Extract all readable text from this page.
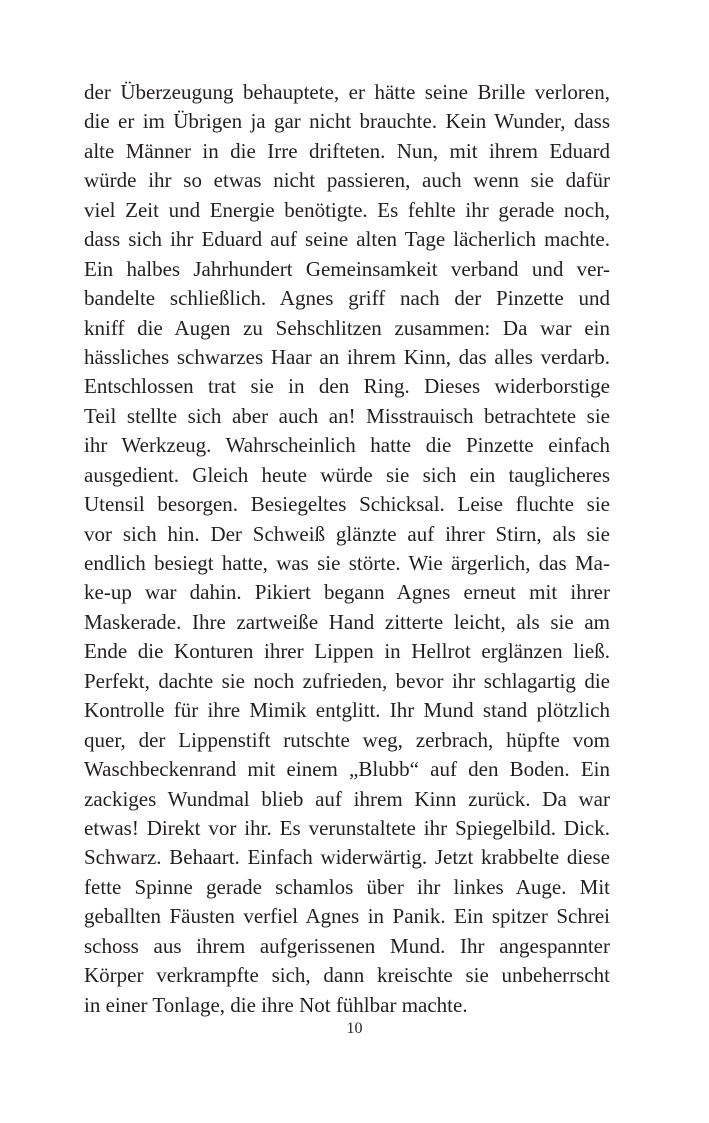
der Überzeugung behauptete, er hätte seine Brille verloren,
die er im Übrigen ja gar nicht brauchte. Kein Wunder, dass
alte Männer in die Irre drifteten. Nun, mit ihrem Eduard
würde ihr so etwas nicht passieren, auch wenn sie dafür
viel Zeit und Energie benötigte. Es fehlte ihr gerade noch,
dass sich ihr Eduard auf seine alten Tage lächerlich machte.
Ein halbes Jahrhundert Gemeinsamkeit verband und ver-
bandelte schließlich. Agnes griff nach der Pinzette und
kniff die Augen zu Sehschlitzen zusammen: Da war ein
hässliches schwarzes Haar an ihrem Kinn, das alles verdarb.
Entschlossen trat sie in den Ring. Dieses widerborstige
Teil stellte sich aber auch an! Misstrauisch betrachtete sie
ihr Werkzeug. Wahrscheinlich hatte die Pinzette einfach
ausgedient. Gleich heute würde sie sich ein tauglicheres
Utensil besorgen. Besiegeltes Schicksal. Leise fluchte sie
vor sich hin. Der Schweiß glänzte auf ihrer Stirn, als sie
endlich besiegt hatte, was sie störte. Wie ärgerlich, das Ma-
ke-up war dahin. Pikiert begann Agnes erneut mit ihrer
Maskerade. Ihre zartweiße Hand zitterte leicht, als sie am
Ende die Konturen ihrer Lippen in Hellrot erglänzen ließ.
Perfekt, dachte sie noch zufrieden, bevor ihr schlagartig die
Kontrolle für ihre Mimik entglitt. Ihr Mund stand plötzlich
quer, der Lippenstift rutschte weg, zerbrach, hüpfte vom
Waschbeckenrand mit einem „Blubb“ auf den Boden. Ein
zackiges Wundmal blieb auf ihrem Kinn zurück. Da war
etwas! Direkt vor ihr. Es verunstaltete ihr Spiegelbild. Dick.
Schwarz. Behaart. Einfach widerwärtig. Jetzt krabbelte diese
fette Spinne gerade schamlos über ihr linkes Auge. Mit
geballten Fäusten verfiel Agnes in Panik. Ein spitzer Schrei
schoss aus ihrem aufgerissenen Mund. Ihr angespannter
Körper verkrampfte sich, dann kreischte sie unbeherrscht
in einer Tonlage, die ihre Not fühlbar machte.
10
